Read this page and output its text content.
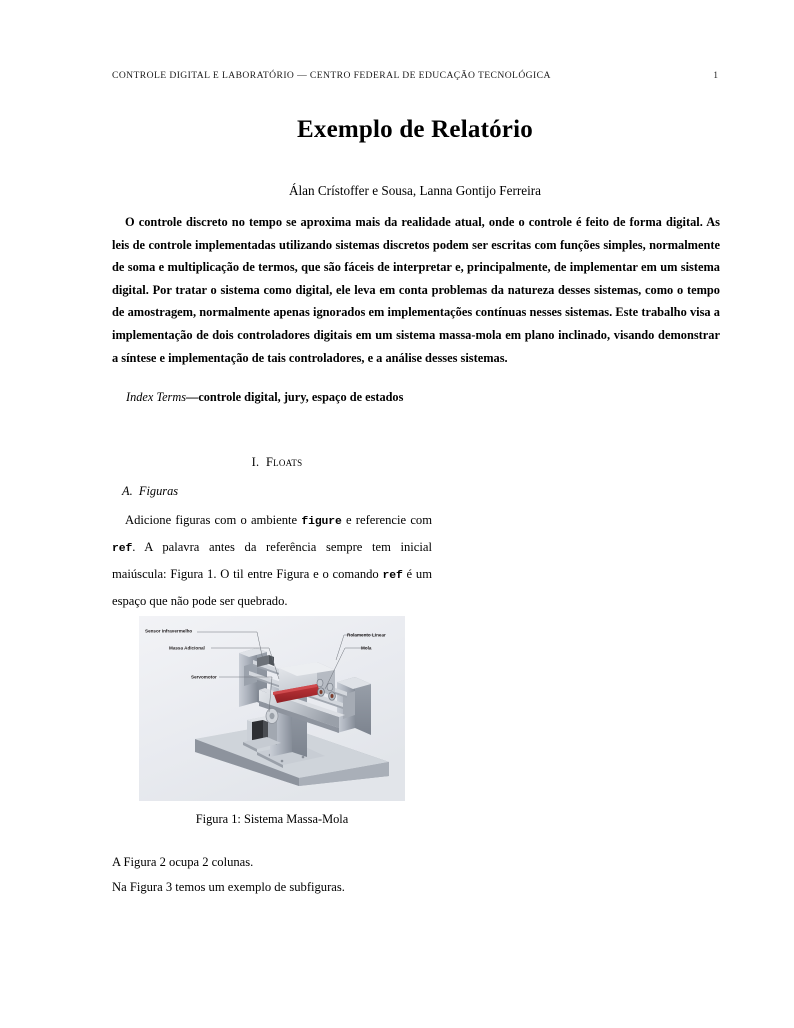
CONTROLE DIGITAL E LABORATÓRIO — CENTRO FEDERAL DE EDUCAÇÃO TECNOLÓGICA	1
Exemplo de Relatório
Álan Crístoffer e Sousa, Lanna Gontijo Ferreira
O controle discreto no tempo se aproxima mais da realidade atual, onde o controle é feito de forma digital. As leis de controle implementadas utilizando sistemas discretos podem ser escritas com funções simples, normalmente de soma e multiplicação de termos, que são fáceis de interpretar e, principalmente, de implementar em um sistema digital. Por tratar o sistema como digital, ele leva em conta problemas da natureza desses sistemas, como o tempo de amostragem, normalmente apenas ignorados em implementações contínuas nesses sistemas. Este trabalho visa a implementação de dois controladores digitais em um sistema massa-mola em plano inclinado, visando demonstrar a síntese e implementação de tais controladores, e a análise desses sistemas.
Index Terms—controle digital, jury, espaço de estados
I. Floats
A. Figuras
Adicione figuras com o ambiente figure e referencie com ref. A palavra antes da referência sempre tem inicial maiúscula: Figura 1. O til entre Figura e o comando ref é um espaço que não pode ser quebrado.
Sensor Infravermelho
Massa Adicional
Servomotor
Rolamento Linear
Mola
Figura 1: Sistema Massa-Mola
A Figura 2 ocupa 2 colunas.
Na Figura 3 temos um exemplo de subfiguras.
